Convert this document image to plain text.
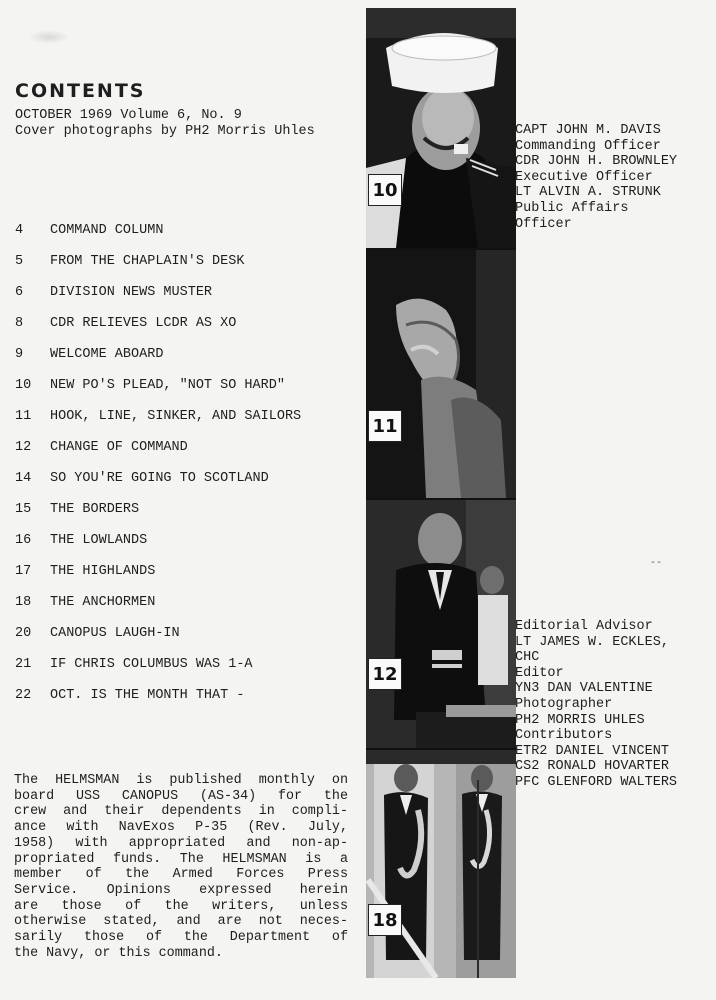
CONTENTS
OCTOBER 1969 Volume 6, No. 9
Cover photographs by PH2 Morris Uhles
4	COMMAND COLUMN
5	FROM THE CHAPLAIN'S DESK
6	DIVISION NEWS MUSTER
8	CDR RELIEVES LCDR AS XO
9	WELCOME ABOARD
10	NEW PO'S PLEAD, "NOT SO HARD"
11	HOOK, LINE, SINKER, AND SAILORS
12	CHANGE OF COMMAND
14	SO YOU'RE GOING TO SCOTLAND
15	THE BORDERS
16	THE LOWLANDS
17	THE HIGHLANDS
18	THE ANCHORMEN
20	CANOPUS LAUGH-IN
21	IF CHRIS COLUMBUS WAS 1-A
22	OCT. IS THE MONTH THAT -
The HELMSMAN is published monthly on
board USS CANOPUS (AS-34) for the
crew and their dependents in compli-
ance with NavExos P-35 (Rev. July,
1958) with appropriated and non-ap-
propriated funds. The HELMSMAN is a
member of the Armed Forces Press
Service. Opinions expressed herein
are those of the writers, unless
otherwise stated, and are not neces-
sarily those of the Department of
the Navy, or this command.
10
11
12
18
CAPT JOHN M. DAVIS
Commanding Officer
CDR JOHN H. BROWNLEY
Executive Officer
LT ALVIN A. STRUNK
Public Affairs
Officer
--
Editorial Advisor
LT JAMES W. ECKLES,
CHC
Editor
YN3 DAN VALENTINE
Photographer
PH2 MORRIS UHLES
Contributors
ETR2 DANIEL VINCENT
CS2 RONALD HOVARTER
PFC GLENFORD WALTERS
